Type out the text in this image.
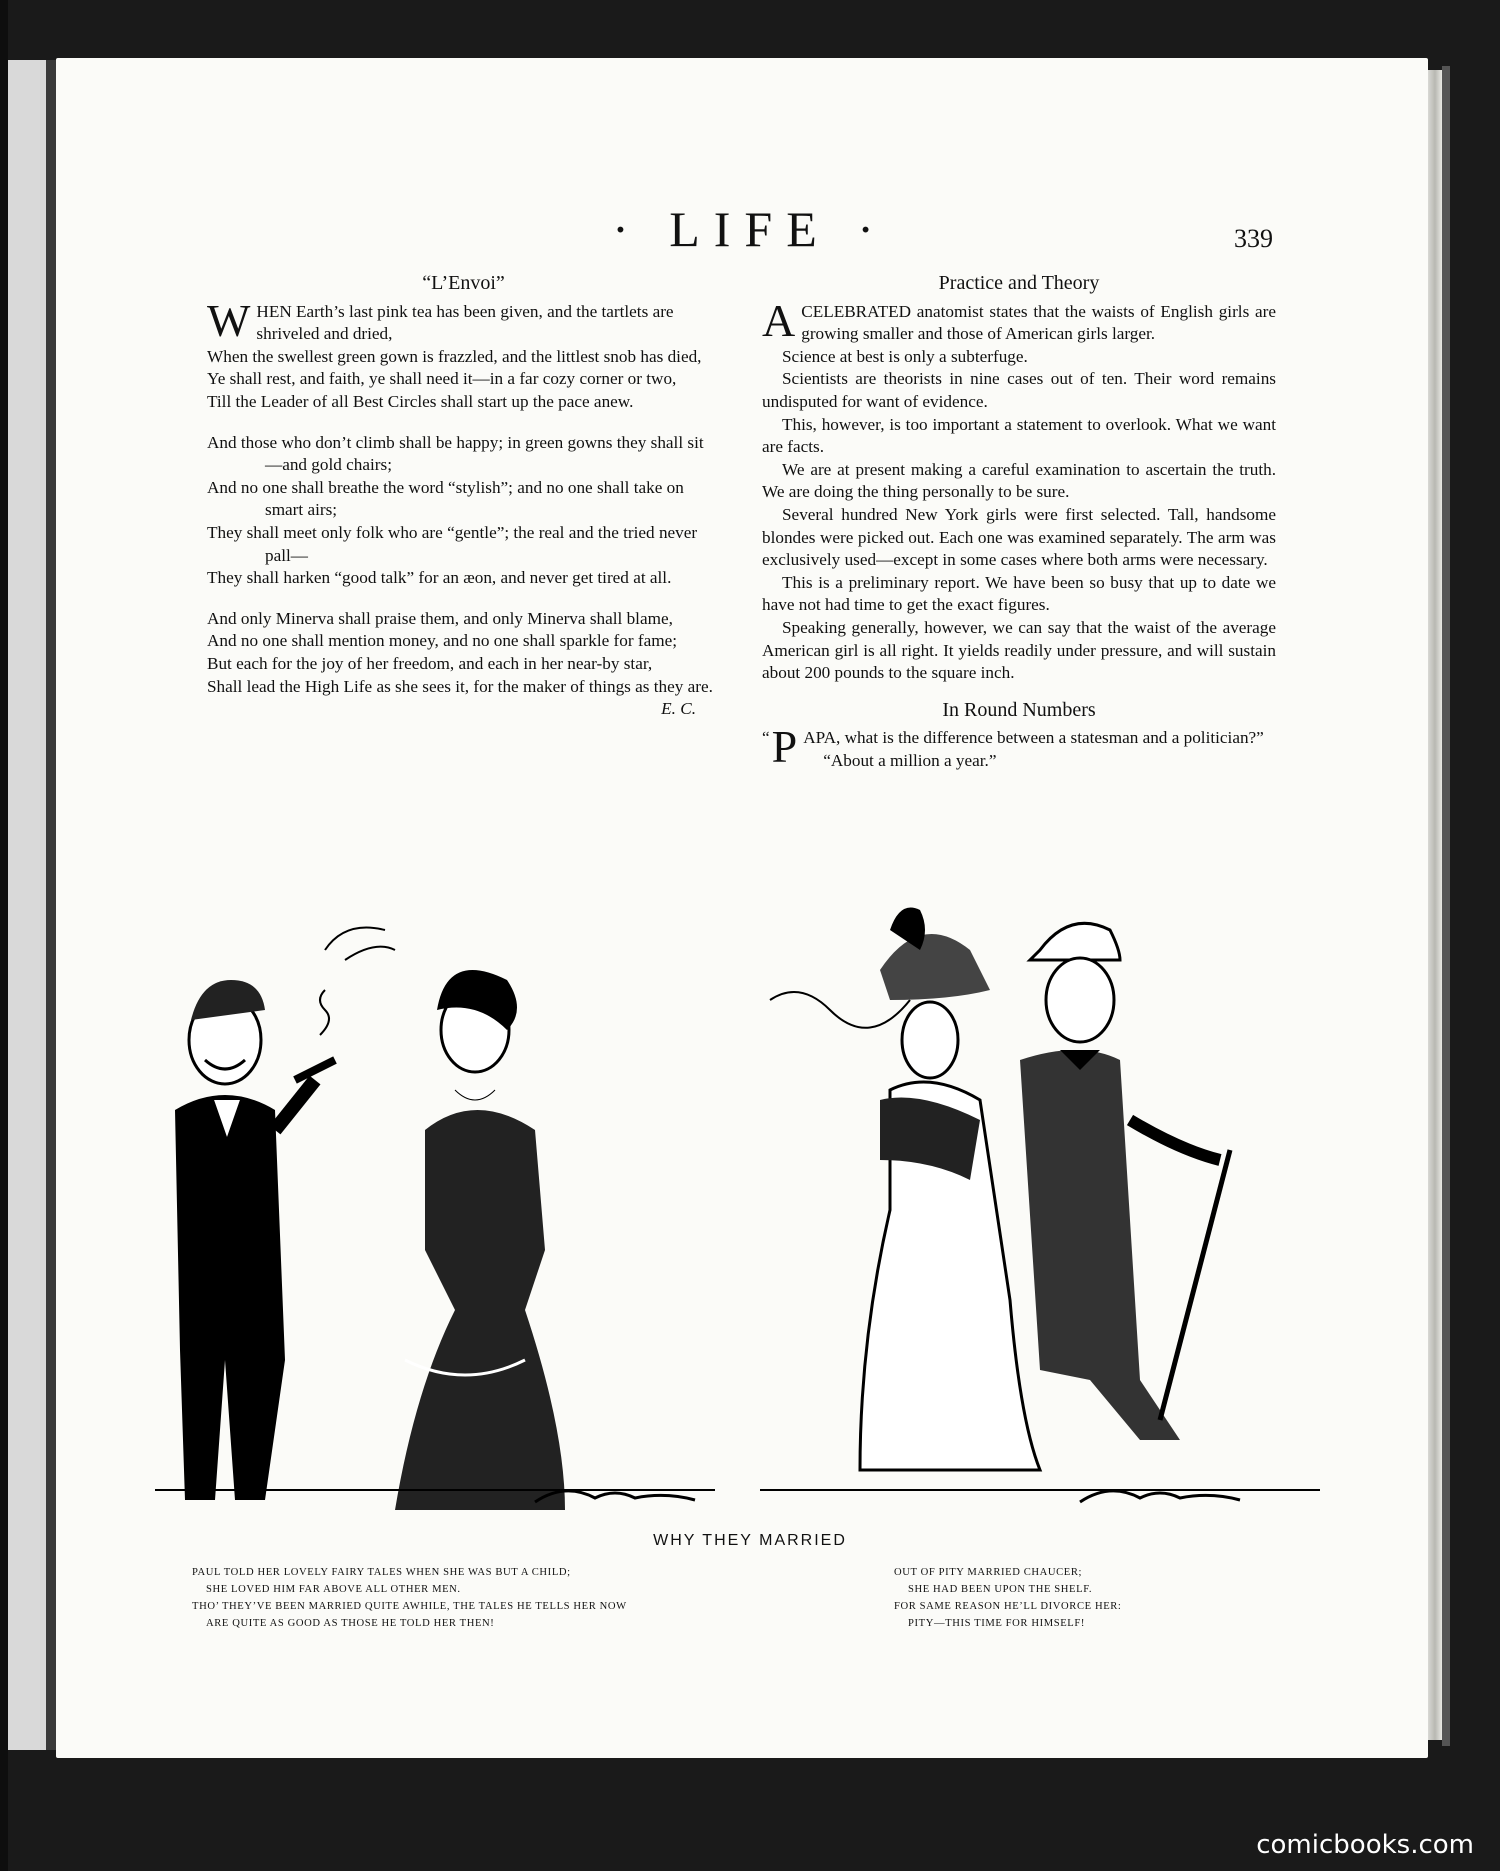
· LIFE ·	339
“L’Envoi”

WHEN Earth’s last pink tea has been given, and the tartlets are shriveled and dried,

When the swellest green gown is frazzled, and the littlest snob has died,

Ye shall rest, and faith, ye shall need it—in a far cozy corner or two,

Till the Leader of all Best Circles shall start up the pace anew.

And those who don’t climb shall be happy; in green gowns they shall sit—and gold chairs;

And no one shall breathe the word “stylish”; and no one shall take on smart airs;

They shall meet only folk who are “gentle”; the real and the tried never pall—

They shall harken “good talk” for an æon, and never get tired at all.

And only Minerva shall praise them, and only Minerva shall blame,

And no one shall mention money, and no one shall sparkle for fame;

But each for the joy of her freedom, and each in her near-by star,

Shall lead the High Life as she sees it, for the maker of things as they are.

E. C.
Practice and Theory

A CELEBRATED anatomist states that the waists of English girls are growing smaller and those of American girls larger.

Science at best is only a subterfuge.

Scientists are theorists in nine cases out of ten. Their word remains undisputed for want of evidence.

This, however, is too important a statement to overlook. What we want are facts.

We are at present making a careful examination to ascertain the truth. We are doing the thing personally to be sure.

Several hundred New York girls were first selected. Tall, handsome blondes were picked out. Each one was examined separately. The arm was exclusively used—except in some cases where both arms were necessary.

This is a preliminary report. We have been so busy that up to date we have not had time to get the exact figures.

Speaking generally, however, we can say that the waist of the average American girl is all right. It yields readily under pressure, and will sustain about 200 pounds to the square inch.

In Round Numbers

“ P APA, what is the difference between a statesman and a politician?”

“About a million a year.”

WHY THEY MARRIED

PAUL TOLD HER LOVELY FAIRY TALES WHEN SHE WAS BUT A CHILD;

SHE LOVED HIM FAR ABOVE ALL OTHER MEN.

THO’ THEY’VE BEEN MARRIED QUITE AWHILE, THE TALES HE TELLS HER NOW

ARE QUITE AS GOOD AS THOSE HE TOLD HER THEN!

OUT OF PITY MARRIED CHAUCER;

SHE HAD BEEN UPON THE SHELF.

FOR SAME REASON HE’LL DIVORCE HER:

PITY—THIS TIME FOR HIMSELF!

comicbooks.com
